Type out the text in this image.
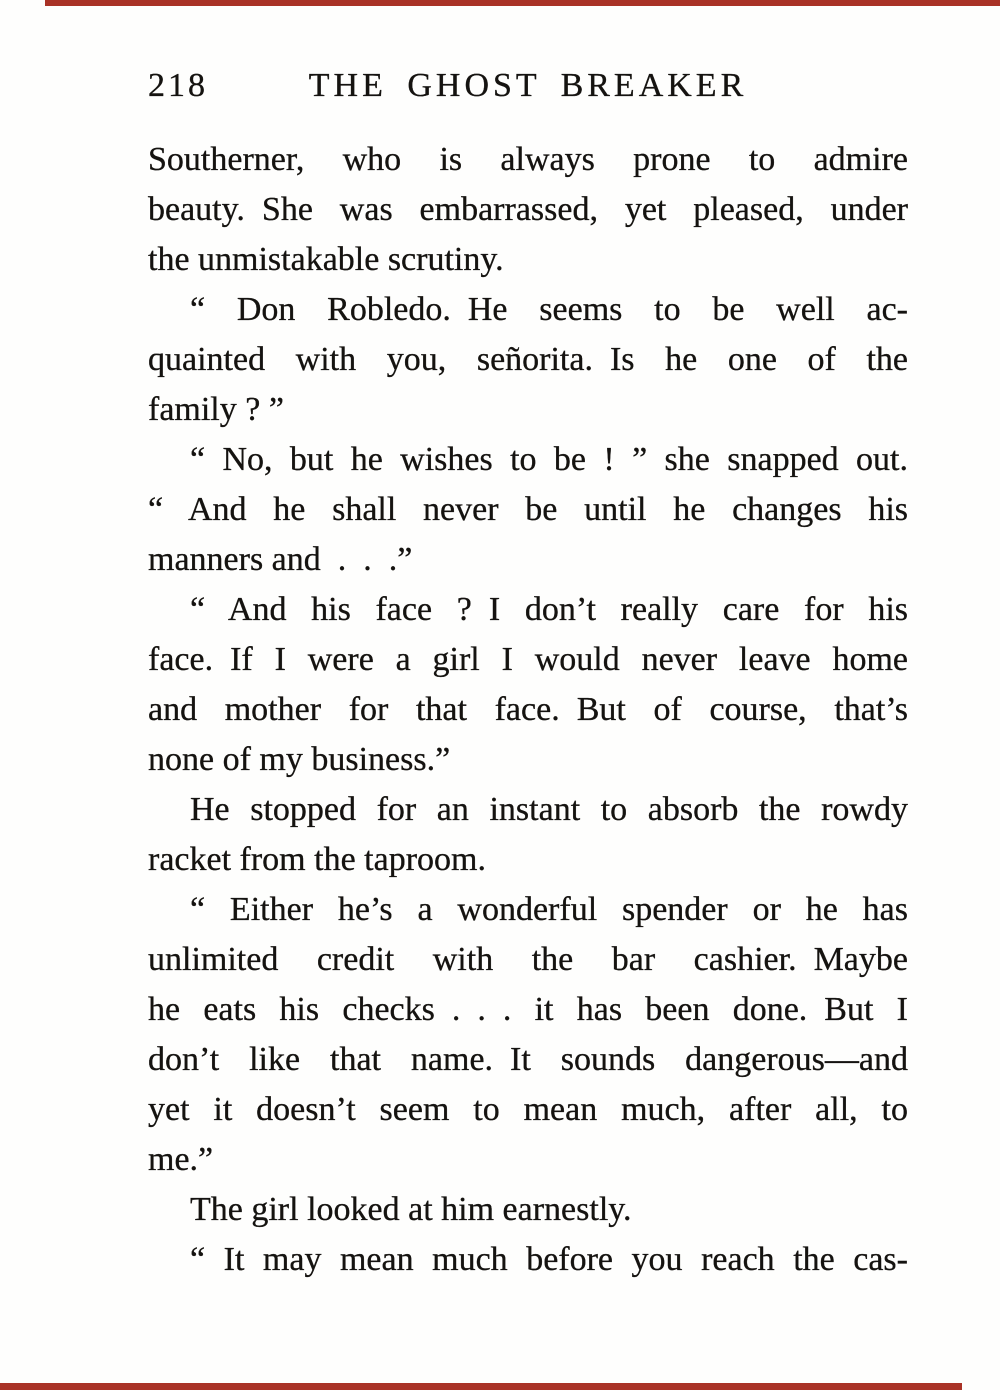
218	THE GHOST BREAKER
Southerner, who is always prone to admire
beauty. She was embarrassed, yet pleased, under
the unmistakable scrutiny.
“ Don Robledo. He seems to be well ac-
quainted with you, señorita. Is he one of the
family ? ”
“ No, but he wishes to be ! ” she snapped out.
“ And he shall never be until he changes his
manners and . . .”
“ And his face ? I don’t really care for his
face. If I were a girl I would never leave home
and mother for that face. But of course, that’s
none of my business.”
He stopped for an instant to absorb the rowdy
racket from the taproom.
“ Either he’s a wonderful spender or he has
unlimited credit with the bar cashier. Maybe
he eats his checks . . . it has been done. But I
don’t like that name. It sounds dangerous—and
yet it doesn’t seem to mean much, after all, to
me.”
The girl looked at him earnestly.
“ It may mean much before you reach the cas-
